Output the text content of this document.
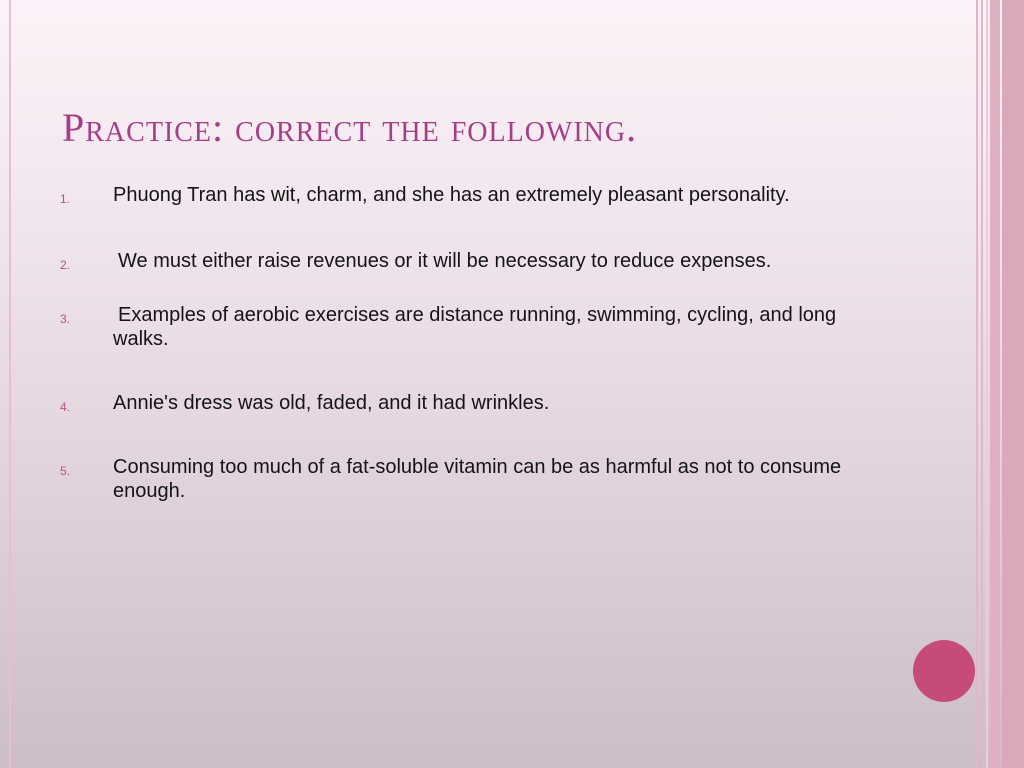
Practice: correct the following.
1. Phuong Tran has wit, charm, and she has an extremely pleasant personality.
2. We must either raise revenues or it will be necessary to reduce expenses.
3. Examples of aerobic exercises are distance running, swimming, cycling, and long walks.
4. Annie's dress was old, faded, and it had wrinkles.
5. Consuming too much of a fat-soluble vitamin can be as harmful as not to consume enough.
